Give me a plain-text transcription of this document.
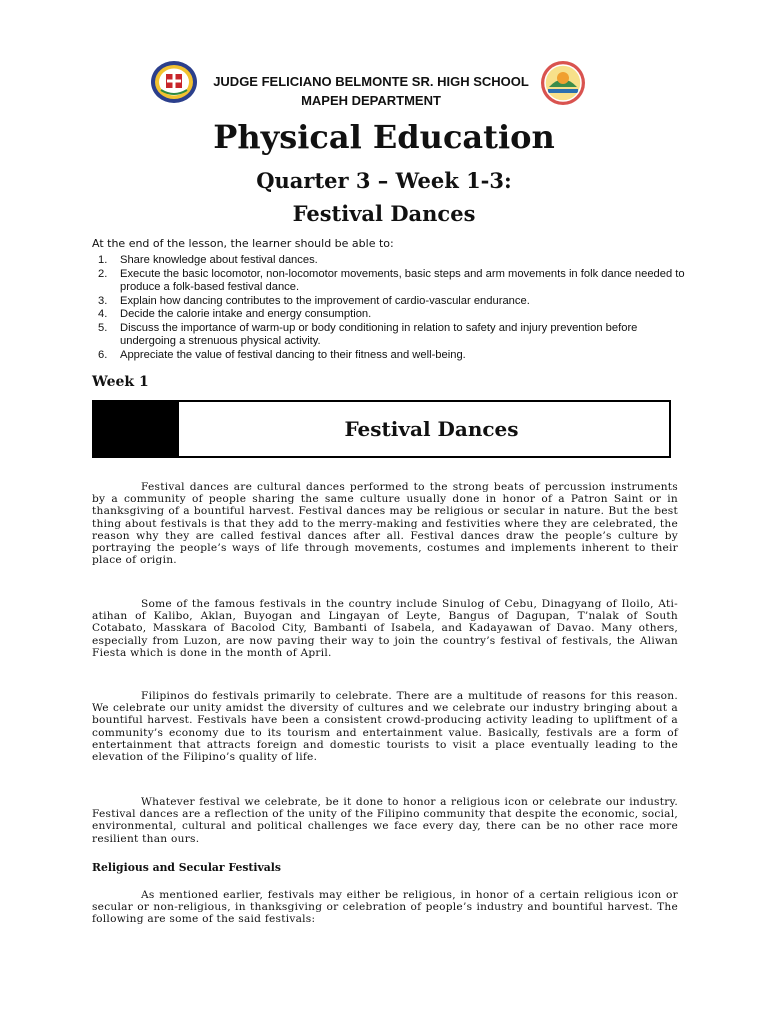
JUDGE FELICIANO BELMONTE SR. HIGH SCHOOL
MAPEH DEPARTMENT
Physical Education
Quarter 3 – Week 1-3:
Festival Dances
At the end of the lesson, the learner should be able to:
1. Share knowledge about festival dances.
2. Execute the basic locomotor, non-locomotor movements, basic steps and arm movements in folk dance needed to produce a folk-based festival dance.
3. Explain how dancing contributes to the improvement of cardio-vascular endurance.
4. Decide the calorie intake and energy consumption.
5. Discuss the importance of warm-up or body conditioning in relation to safety and injury prevention before undergoing a strenuous physical activity.
6. Appreciate the value of festival dancing to their fitness and well-being.
Week 1
Festival Dances

Festival dances are cultural dances performed to the strong beats of percussion instruments by a community of people sharing the same culture usually done in honor of a Patron Saint or in thanksgiving of a bountiful harvest. Festival dances may be religious or secular in nature. But the best thing about festivals is that they add to the merry-making and festivities where they are celebrated, the reason why they are called festival dances after all. Festival dances draw the people’s culture by portraying the people’s ways of life through movements, costumes and implements inherent to their place of origin.

Some of the famous festivals in the country include Sinulog of Cebu, Dinagyang of Iloilo, Ati-atihan of Kalibo, Aklan, Buyogan and Lingayan of Leyte, Bangus of Dagupan, T’nalak of South Cotabato, Masskara of Bacolod City, Bambanti of Isabela, and Kadayawan of Davao. Many others, especially from Luzon, are now paving their way to join the country’s festival of festivals, the Aliwan Fiesta which is done in the month of April.

Filipinos do festivals primarily to celebrate. There are a multitude of reasons for this reason. We celebrate our unity amidst the diversity of cultures and we celebrate our industry bringing about a bountiful harvest. Festivals have been a consistent crowd-producing activity leading to upliftment of a community’s economy due to its tourism and entertainment value. Basically, festivals are a form of entertainment that attracts foreign and domestic tourists to visit a place eventually leading to the elevation of the Filipino’s quality of life.

Whatever festival we celebrate, be it done to honor a religious icon or celebrate our industry. Festival dances are a reflection of the unity of the Filipino community that despite the economic, social, environmental, cultural and political challenges we face every day, there can be no other race more resilient than ours.

Religious and Secular Festivals

As mentioned earlier, festivals may either be religious, in honor of a certain religious icon or secular or non-religious, in thanksgiving or celebration of people’s industry and bountiful harvest. The following are some of the said festivals:
